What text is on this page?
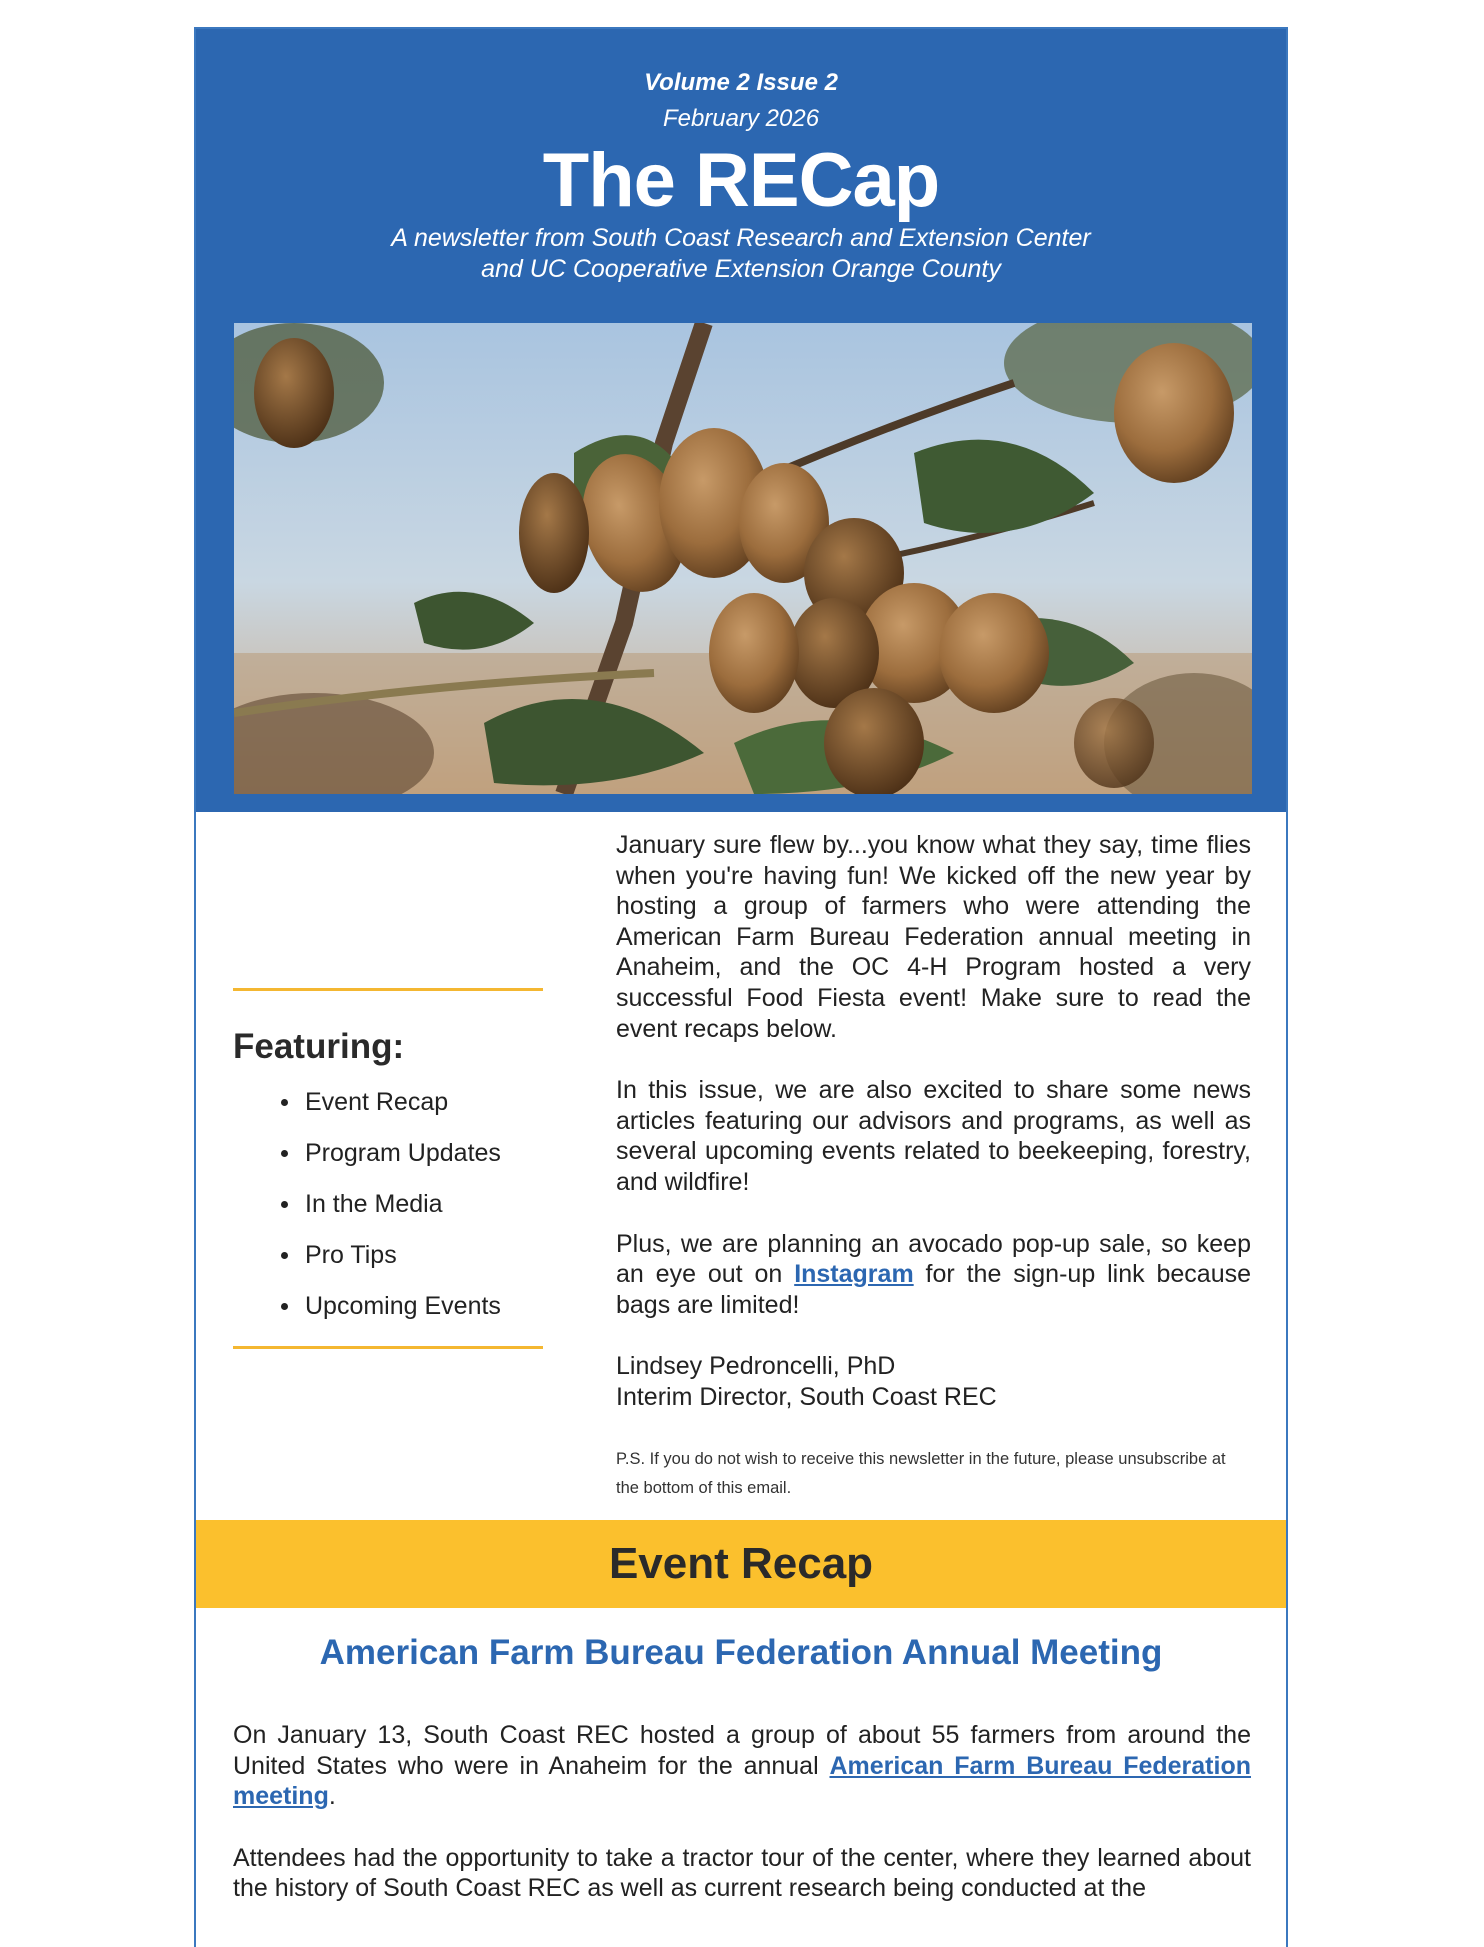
Volume 2 Issue 2
February 2026
The RECap
A newsletter from South Coast Research and Extension Center
and UC Cooperative Extension Orange County
Featuring:
Event Recap
Program Updates
In the Media
Pro Tips
Upcoming Events

January sure flew by...you know what they say, time flies when you're having fun! We kicked off the new year by hosting a group of farmers who were attending the American Farm Bureau Federation annual meeting in Anaheim, and the OC 4-H Program hosted a very successful Food Fiesta event! Make sure to read the event recaps below.

In this issue, we are also excited to share some news articles featuring our advisors and programs, as well as several upcoming events related to beekeeping, forestry, and wildfire!

Plus, we are planning an avocado pop-up sale, so keep an eye out on Instagram for the sign-up link because bags are limited!

Lindsey Pedroncelli, PhD
Interim Director, South Coast REC

P.S. If you do not wish to receive this newsletter in the future, please unsubscribe at the bottom of this email.

Event Recap
American Farm Bureau Federation Annual Meeting

On January 13, South Coast REC hosted a group of about 55 farmers from around the United States who were in Anaheim for the annual American Farm Bureau Federation meeting.

Attendees had the opportunity to take a tractor tour of the center, where they learned about the history of South Coast REC as well as current research being conducted at the
